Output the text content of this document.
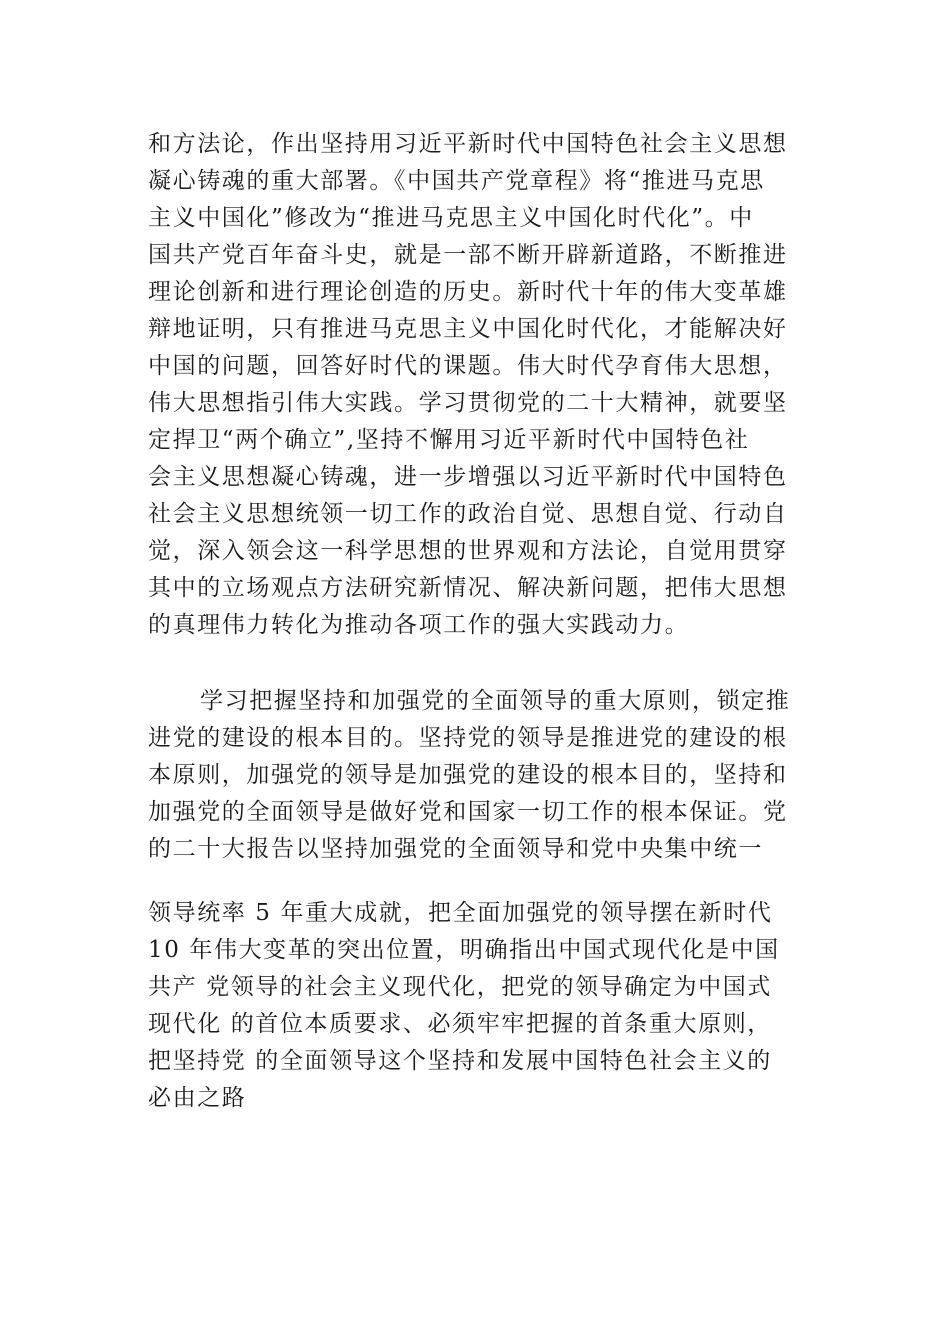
和方法论，作出坚持用习近平新时代中国特色社会主义思想
凝心铸魂的重大部署。《中国共产党章程》将“推进马克思
主义中国化”修改为“推进马克思主义中国化时代化”。中
国共产党百年奋斗史，就是一部不断开辟新道路，不断推进
理论创新和进行理论创造的历史。新时代十年的伟大变革雄
辩地证明，只有推进马克思主义中国化时代化，才能解决好
中国的问题，回答好时代的课题。伟大时代孕育伟大思想，
伟大思想指引伟大实践。学习贯彻党的二十大精神，就要坚
定捍卫“两个确立”,坚持不懈用习近平新时代中国特色社
会主义思想凝心铸魂，进一步增强以习近平新时代中国特色
社会主义思想统领一切工作的政治自觉、思想自觉、行动自
觉，深入领会这一科学思想的世界观和方法论，自觉用贯穿
其中的立场观点方法研究新情况、解决新问题，把伟大思想
的真理伟力转化为推动各项工作的强大实践动力。
学习把握坚持和加强党的全面领导的重大原则，锁定推
进党的建设的根本目的。坚持党的领导是推进党的建设的根
本原则，加强党的领导是加强党的建设的根本目的，坚持和
加强党的全面领导是做好党和国家一切工作的根本保证。党
的二十大报告以坚持加强党的全面领导和党中央集中统一
领导统率 5 年重大成就，把全面加强党的领导摆在新时代
10 年伟大变革的突出位置，明确指出中国式现代化是中国
共产 党领导的社会主义现代化，把党的领导确定为中国式
现代化 的首位本质要求、必须牢牢把握的首条重大原则，
把坚持党 的全面领导这个坚持和发展中国特色社会主义的
必由之路
